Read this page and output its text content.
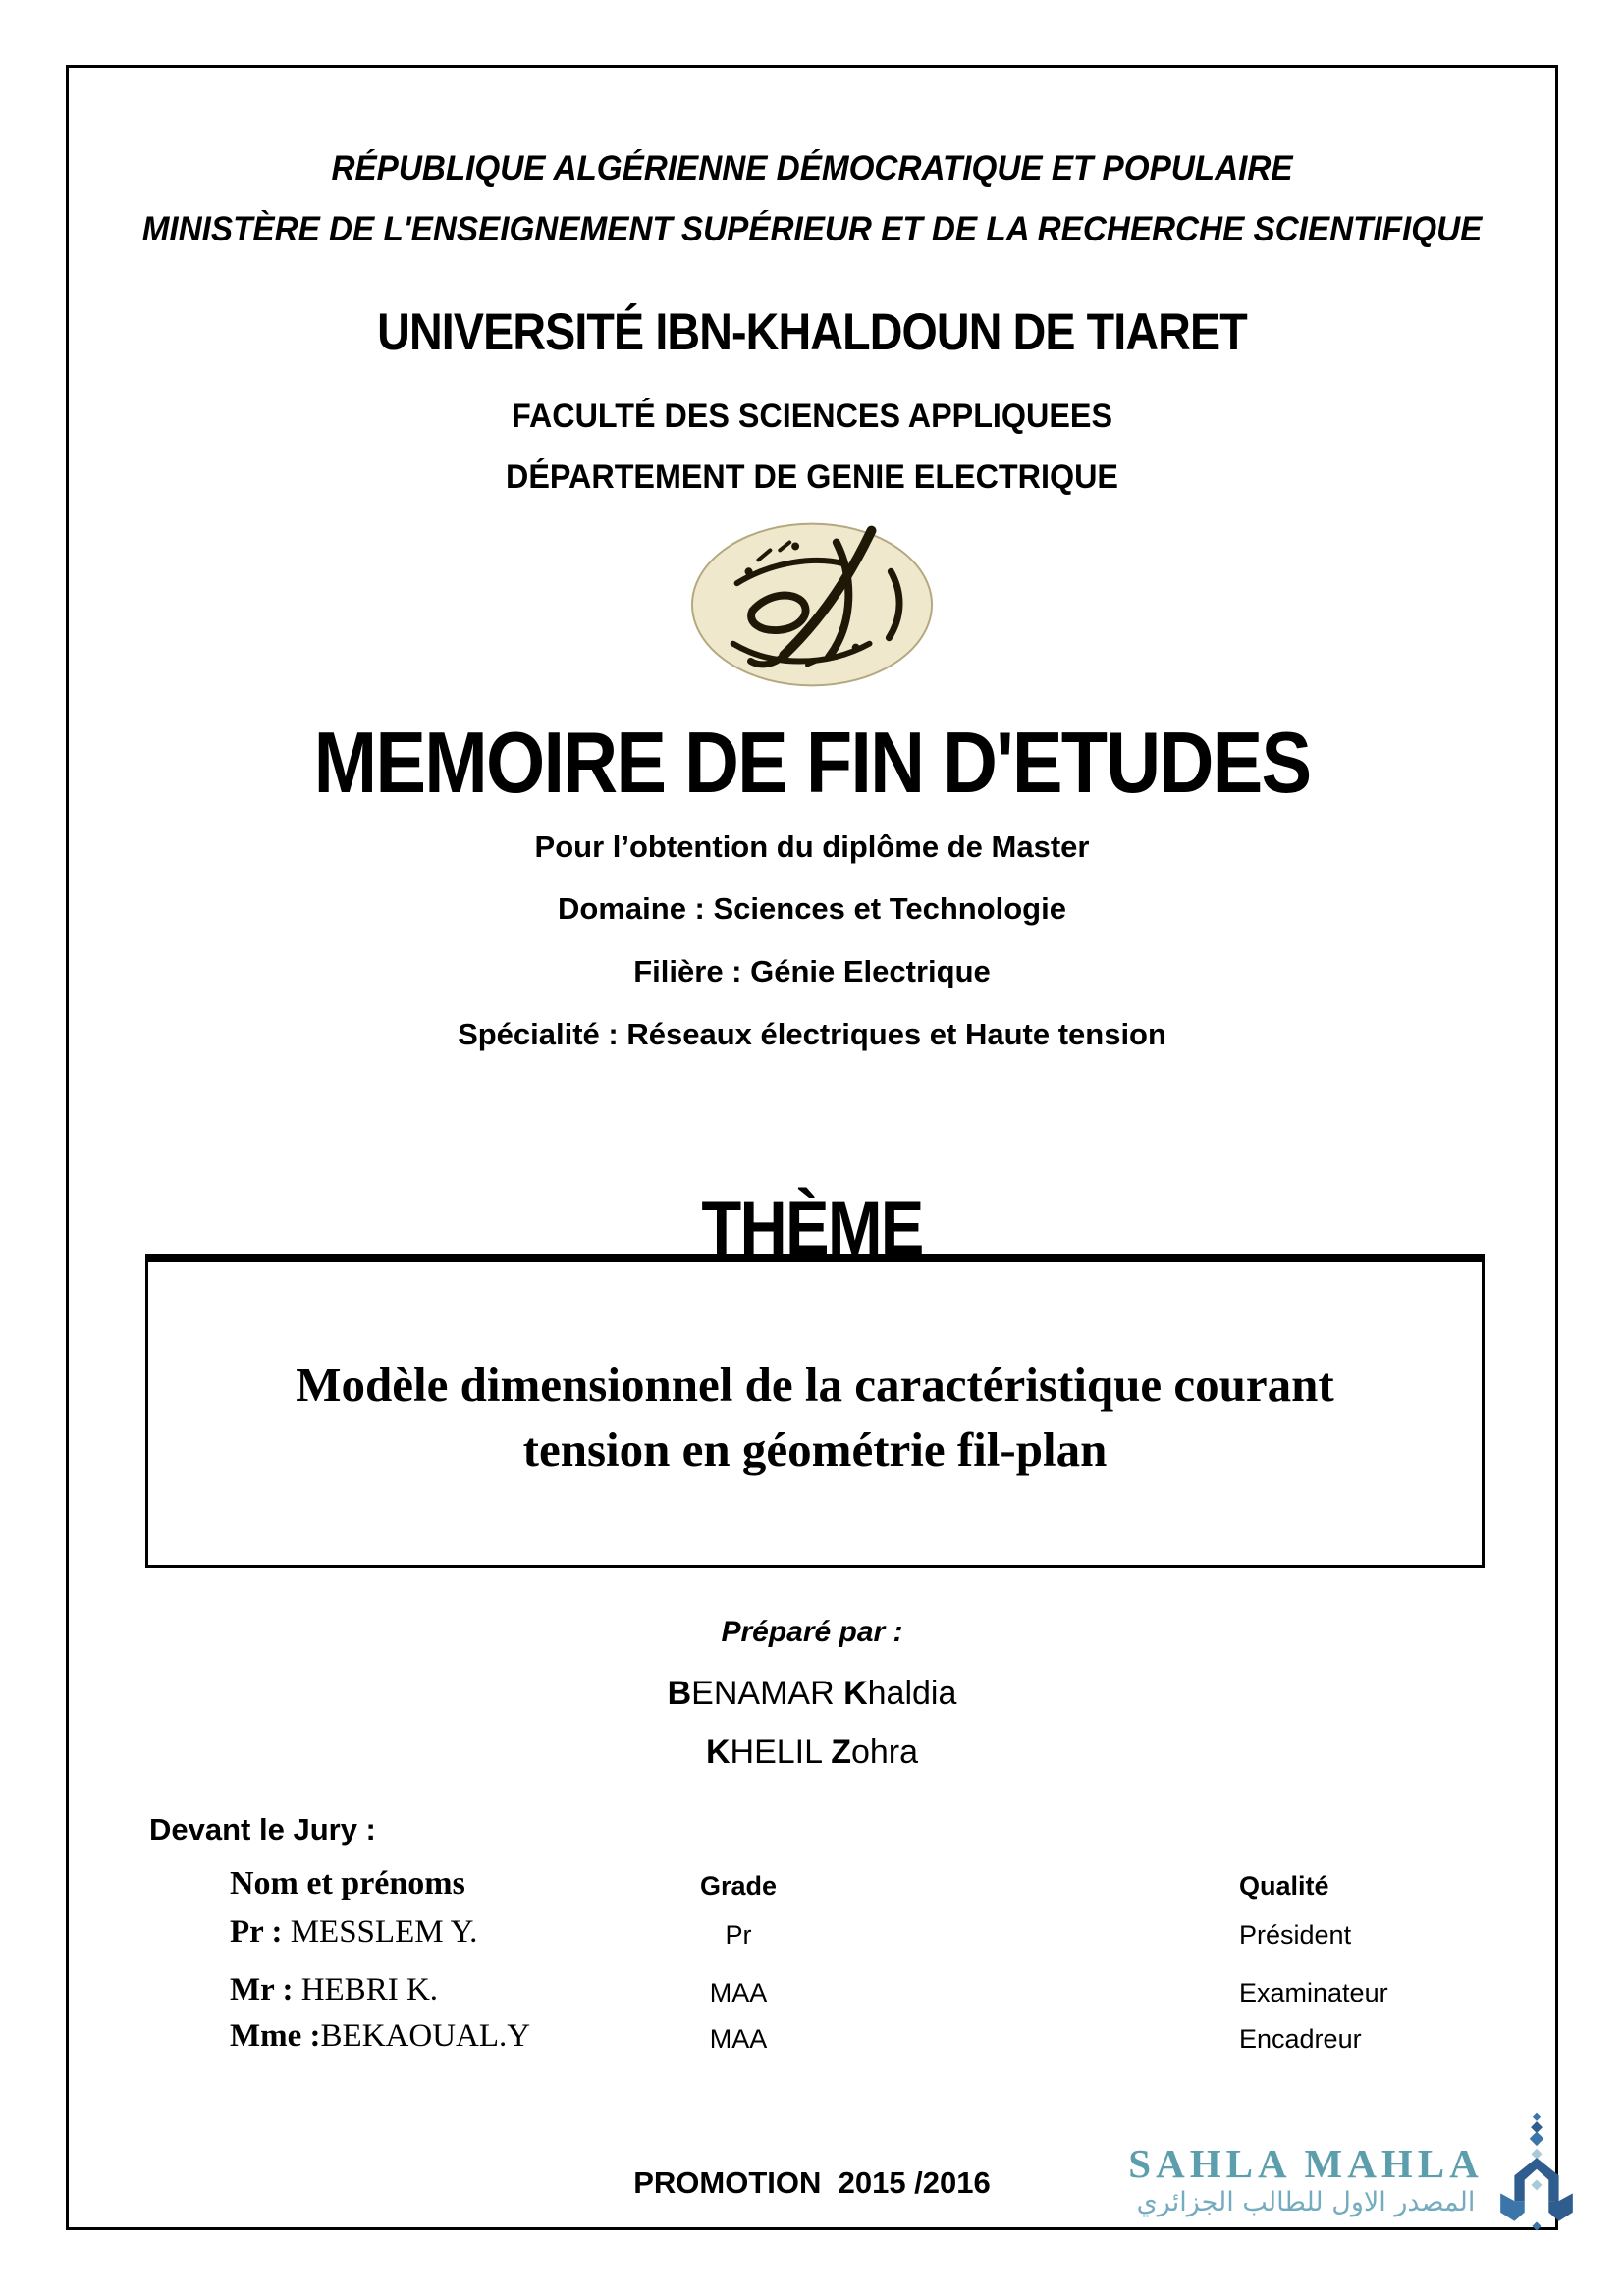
RÉPUBLIQUE ALGÉRIENNE DÉMOCRATIQUE ET POPULAIRE
MINISTÈRE DE L'ENSEIGNEMENT SUPÉRIEUR ET DE LA RECHERCHE SCIENTIFIQUE
UNIVERSITÉ IBN-KHALDOUN DE TIARET
FACULTÉ DES SCIENCES APPLIQUEES
DÉPARTEMENT DE GENIE ELECTRIQUE
MEMOIRE DE FIN D'ETUDES
Pour l’obtention du diplôme de Master
Domaine : Sciences et Technologie
Filière : Génie Electrique
Spécialité : Réseaux électriques et Haute tension
THÈME
Modèle dimensionnel de la caractéristique courant
tension en géométrie fil-plan
Préparé par :
BENAMAR Khaldia
KHELIL Zohra
Devant le Jury :
Nom et prénoms	Grade	Qualité
Pr : MESSLEM Y.	Pr	Président
Mr : HEBRI K.	MAA	Examinateur
Mme :BEKAOUAL.Y	MAA	Encadreur
PROMOTION  2015 /2016	SAHLA MAHLA
المصدر الاول للطالب الجزائري
